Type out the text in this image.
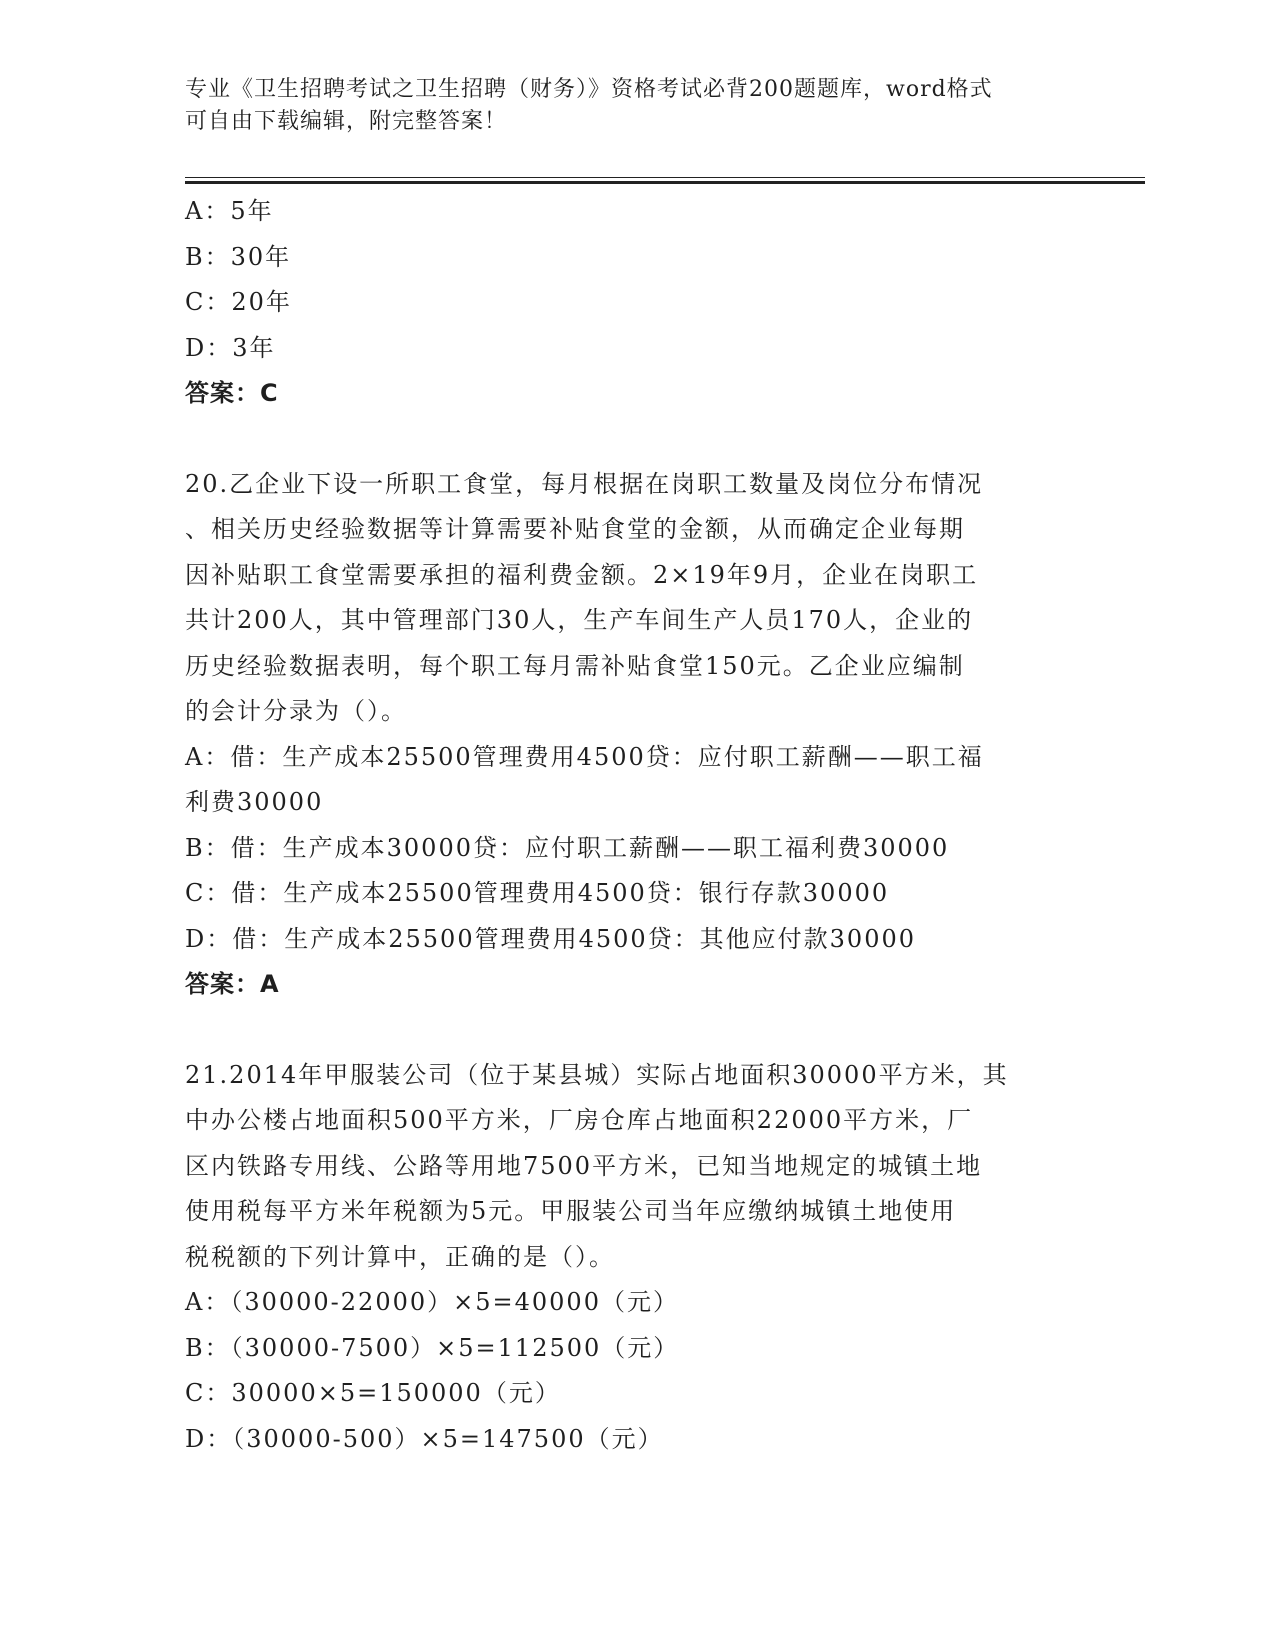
专业《卫生招聘考试之卫生招聘（财务）》资格考试必背200题题库，word格式
可自由下载编辑，附完整答案！
A：5年
B：30年
C：20年
D：3年
答案：C
20.乙企业下设一所职工食堂，每月根据在岗职工数量及岗位分布情况
、相关历史经验数据等计算需要补贴食堂的金额，从而确定企业每期
因补贴职工食堂需要承担的福利费金额。2×19年9月，企业在岗职工
共计200人，其中管理部门30人，生产车间生产人员170人，企业的
历史经验数据表明，每个职工每月需补贴食堂150元。乙企业应编制
的会计分录为（）。
A：借：生产成本25500管理费用4500贷：应付职工薪酬——职工福
利费30000
B：借：生产成本30000贷：应付职工薪酬——职工福利费30000
C：借：生产成本25500管理费用4500贷：银行存款30000
D：借：生产成本25500管理费用4500贷：其他应付款30000
答案：A
21.2014年甲服装公司（位于某县城）实际占地面积30000平方米，其
中办公楼占地面积500平方米，厂房仓库占地面积22000平方米，厂
区内铁路专用线、公路等用地7500平方米，已知当地规定的城镇土地
使用税每平方米年税额为5元。甲服装公司当年应缴纳城镇土地使用
税税额的下列计算中，正确的是（）。
A：（30000-22000）×5=40000（元）
B：（30000-7500）×5=112500（元）
C：30000×5=150000（元）
D：（30000-500）×5=147500（元）
